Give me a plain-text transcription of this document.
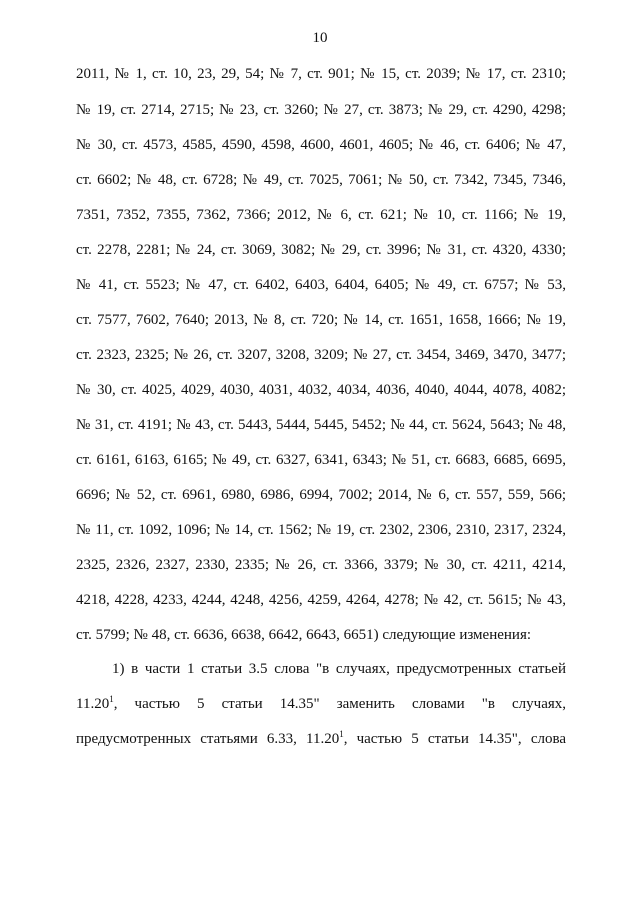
10
2011, № 1, ст. 10, 23, 29, 54; № 7, ст. 901; № 15, ст. 2039; № 17, ст. 2310;
№ 19, ст. 2714, 2715; № 23, ст. 3260; № 27, ст. 3873; № 29, ст. 4290, 4298;
№ 30, ст. 4573, 4585, 4590, 4598, 4600, 4601, 4605; № 46, ст. 6406; № 47,
ст. 6602; № 48, ст. 6728; № 49, ст. 7025, 7061; № 50, ст. 7342, 7345, 7346,
7351, 7352, 7355, 7362, 7366; 2012, № 6, ст. 621; № 10, ст. 1166; № 19,
ст. 2278, 2281; № 24, ст. 3069, 3082; № 29, ст. 3996; № 31, ст. 4320, 4330;
№ 41, ст. 5523; № 47, ст. 6402, 6403, 6404, 6405; № 49, ст. 6757; № 53,
ст. 7577, 7602, 7640; 2013, № 8, ст. 720; № 14, ст. 1651, 1658, 1666; № 19,
ст. 2323, 2325; № 26, ст. 3207, 3208, 3209; № 27, ст. 3454, 3469, 3470, 3477;
№ 30, ст. 4025, 4029, 4030, 4031, 4032, 4034, 4036, 4040, 4044, 4078, 4082;
№ 31, ст. 4191; № 43, ст. 5443, 5444, 5445, 5452; № 44, ст. 5624, 5643; № 48,
ст. 6161, 6163, 6165; № 49, ст. 6327, 6341, 6343; № 51, ст. 6683, 6685, 6695,
6696; № 52, ст. 6961, 6980, 6986, 6994, 7002; 2014, № 6, ст. 557, 559, 566;
№ 11, ст. 1092, 1096; № 14, ст. 1562; № 19, ст. 2302, 2306, 2310, 2317, 2324,
2325, 2326, 2327, 2330, 2335; № 26, ст. 3366, 3379; № 30, ст. 4211, 4214,
4218, 4228, 4233, 4244, 4248, 4256, 4259, 4264, 4278; № 42, ст. 5615; № 43,
ст. 5799; № 48, ст. 6636, 6638, 6642, 6643, 6651) следующие изменения:
1) в части 1 статьи 3.5 слова "в случаях, предусмотренных статьей
11.20$^1$, частью 5 статьи 14.35" заменить словами "в случаях,
предусмотренных статьями 6.33, 11.20$^1$, частью 5 статьи 14.35", слова
